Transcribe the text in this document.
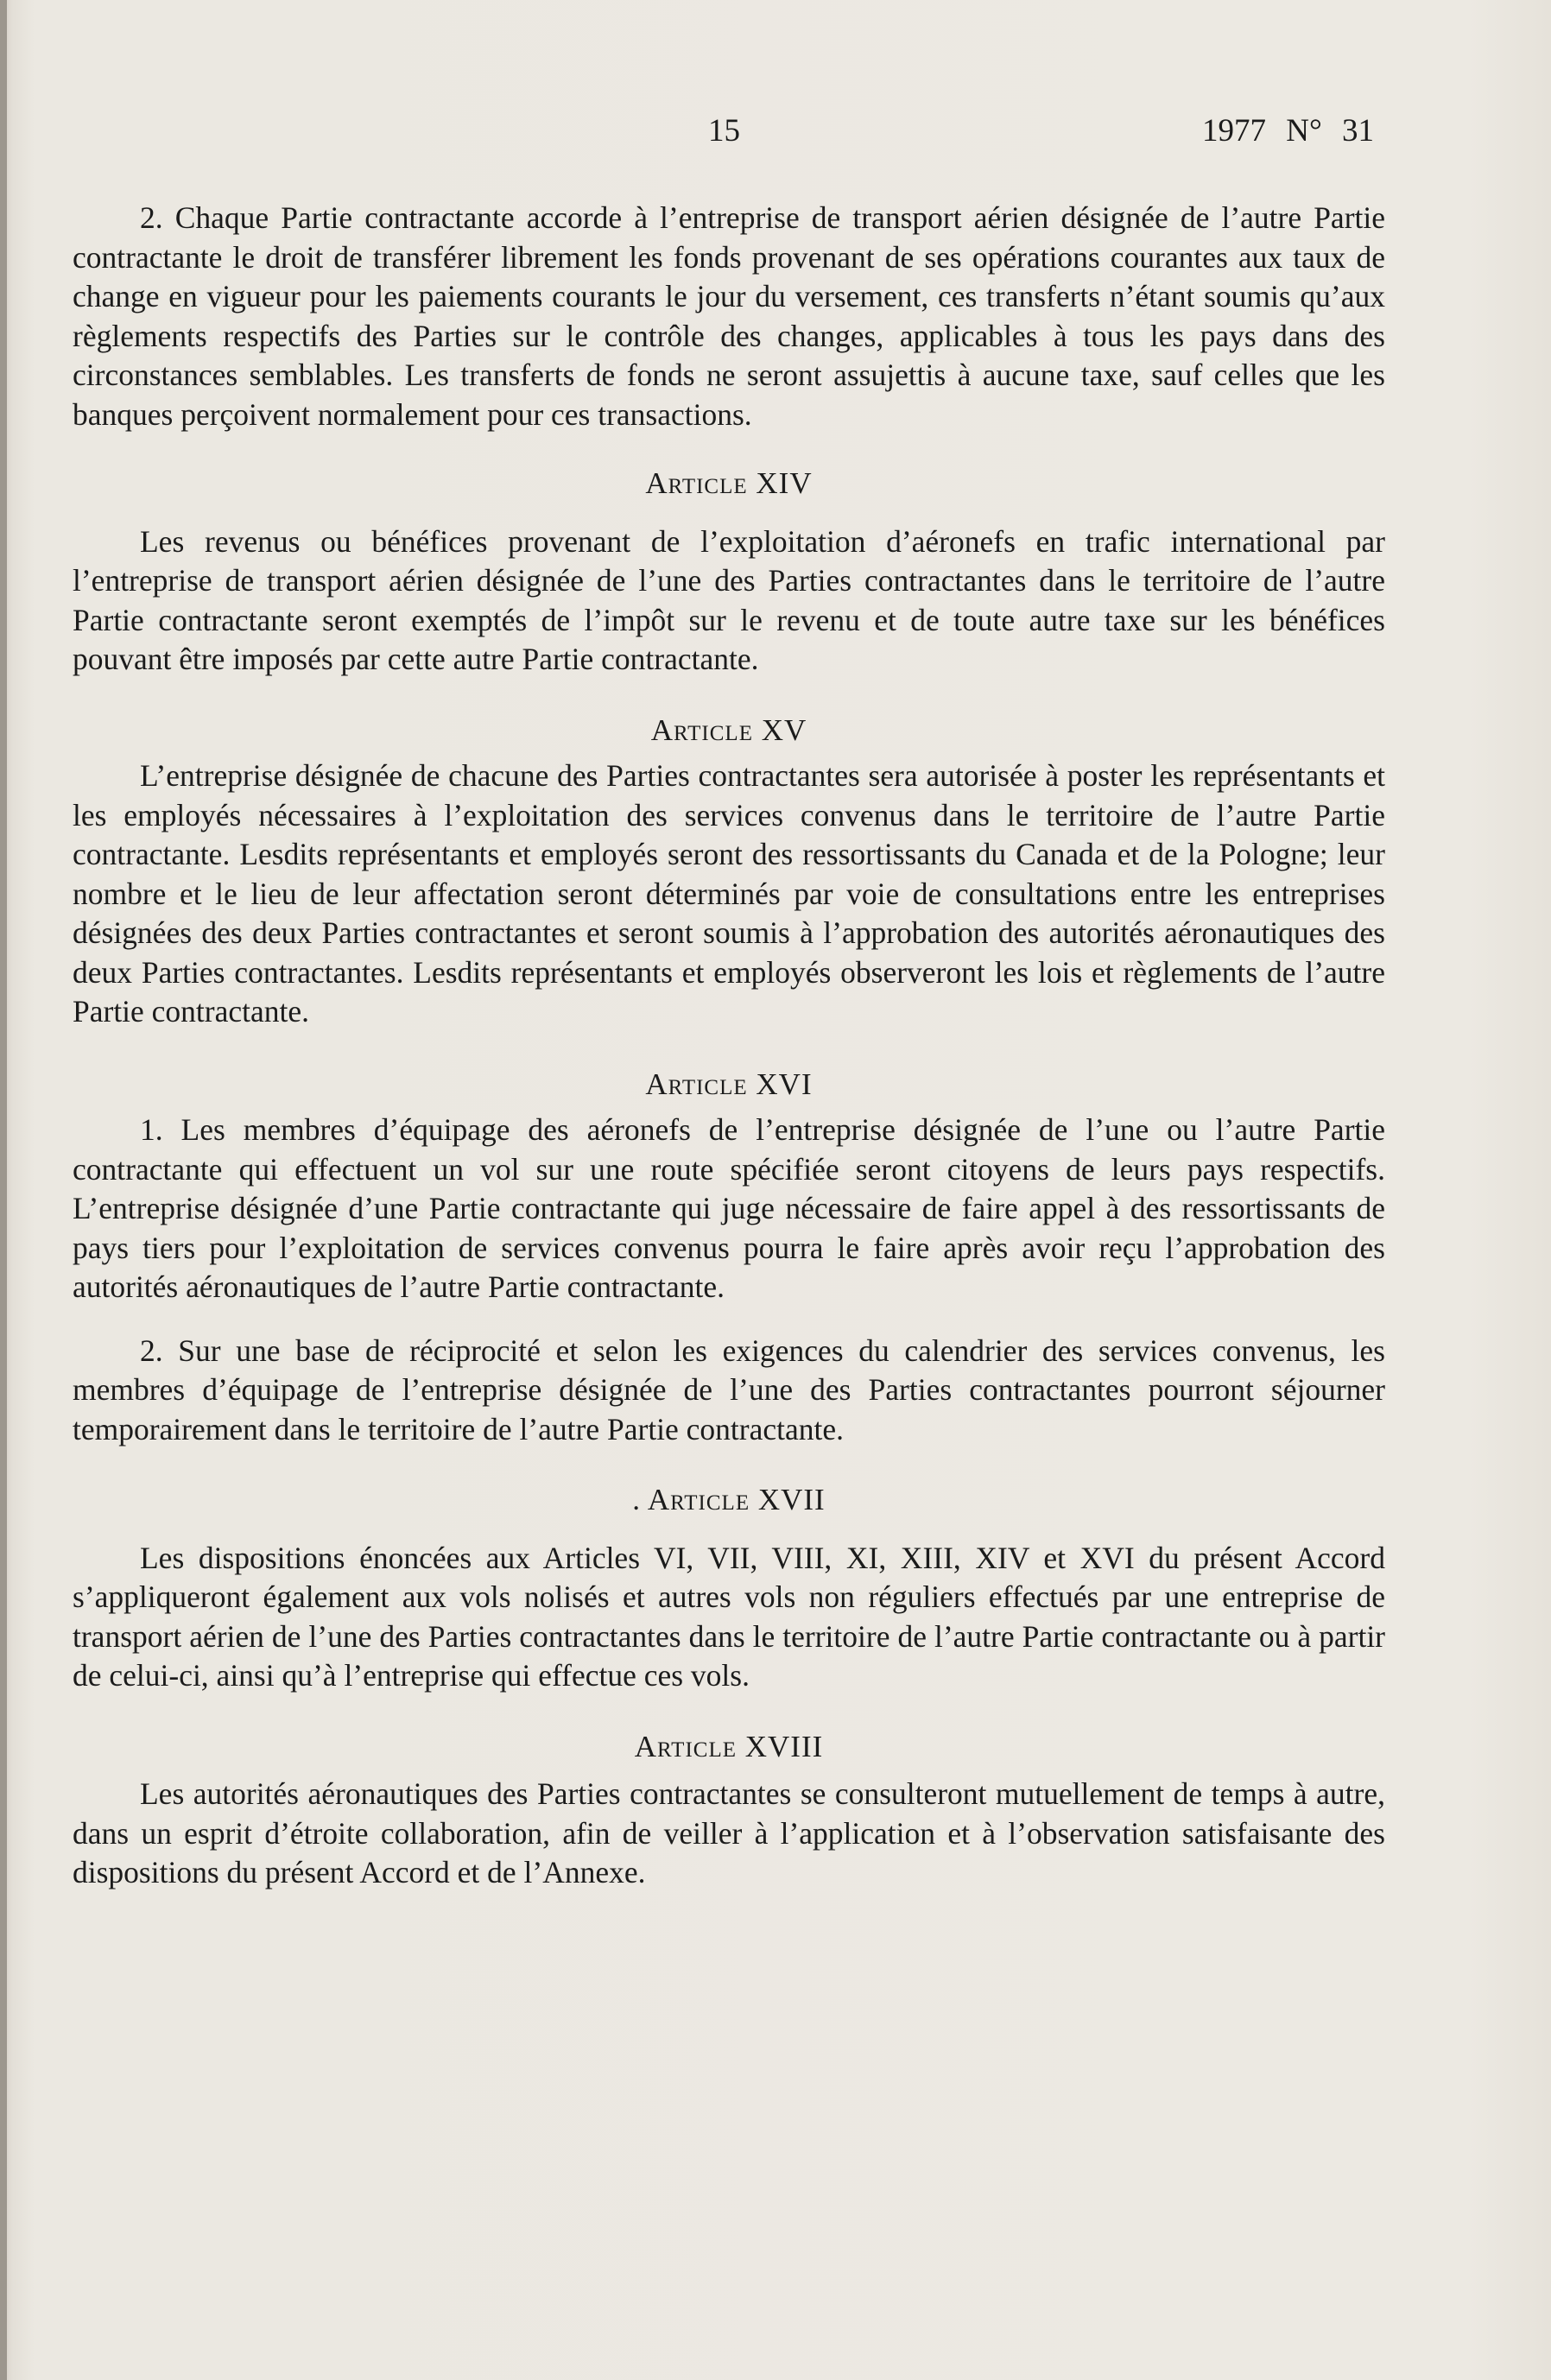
15	1977 N° 31

2. Chaque Partie contractante accorde à l’entreprise de transport aérien désignée de l’autre Partie contractante le droit de transférer librement les fonds provenant de ses opérations courantes aux taux de change en vigueur pour les paiements courants le jour du versement, ces transferts n’étant soumis qu’aux règlements respectifs des Parties sur le contrôle des changes, applicables à tous les pays dans des circonstances semblables. Les transferts de fonds ne seront assujettis à aucune taxe, sauf celles que les banques perçoivent normalement pour ces transactions.

Article XIV

Les revenus ou bénéfices provenant de l’exploitation d’aéronefs en trafic international par l’entreprise de transport aérien désignée de l’une des Parties contractantes dans le territoire de l’autre Partie contractante seront exemptés de l’impôt sur le revenu et de toute autre taxe sur les bénéfices pouvant être imposés par cette autre Partie contractante.

Article XV

L’entreprise désignée de chacune des Parties contractantes sera autorisée à poster les représentants et les employés nécessaires à l’exploitation des services convenus dans le territoire de l’autre Partie contractante. Lesdits représentants et employés seront des ressortissants du Canada et de la Pologne; leur nombre et le lieu de leur affectation seront déterminés par voie de consultations entre les entreprises désignées des deux Parties contractantes et seront soumis à l’approbation des autorités aéronautiques des deux Parties contractantes. Lesdits représentants et employés observeront les lois et règlements de l’autre Partie contractante.

Article XVI

1. Les membres d’équipage des aéronefs de l’entreprise désignée de l’une ou l’autre Partie contractante qui effectuent un vol sur une route spécifiée seront citoyens de leurs pays respectifs. L’entreprise désignée d’une Partie contractante qui juge nécessaire de faire appel à des ressortissants de pays tiers pour l’exploitation de services convenus pourra le faire après avoir reçu l’approbation des autorités aéronautiques de l’autre Partie contractante.

2. Sur une base de réciprocité et selon les exigences du calendrier des services convenus, les membres d’équipage de l’entreprise désignée de l’une des Parties contractantes pourront séjourner temporairement dans le territoire de l’autre Partie contractante.

. Article XVII

Les dispositions énoncées aux Articles VI, VII, VIII, XI, XIII, XIV et XVI du présent Accord s’appliqueront également aux vols nolisés et autres vols non réguliers effectués par une entreprise de transport aérien de l’une des Parties contractantes dans le territoire de l’autre Partie contractante ou à partir de celui-ci, ainsi qu’à l’entreprise qui effectue ces vols.

Article XVIII

Les autorités aéronautiques des Parties contractantes se consulteront mutuellement de temps à autre, dans un esprit d’étroite collaboration, afin de veiller à l’application et à l’observation satisfaisante des dispositions du présent Accord et de l’Annexe.
